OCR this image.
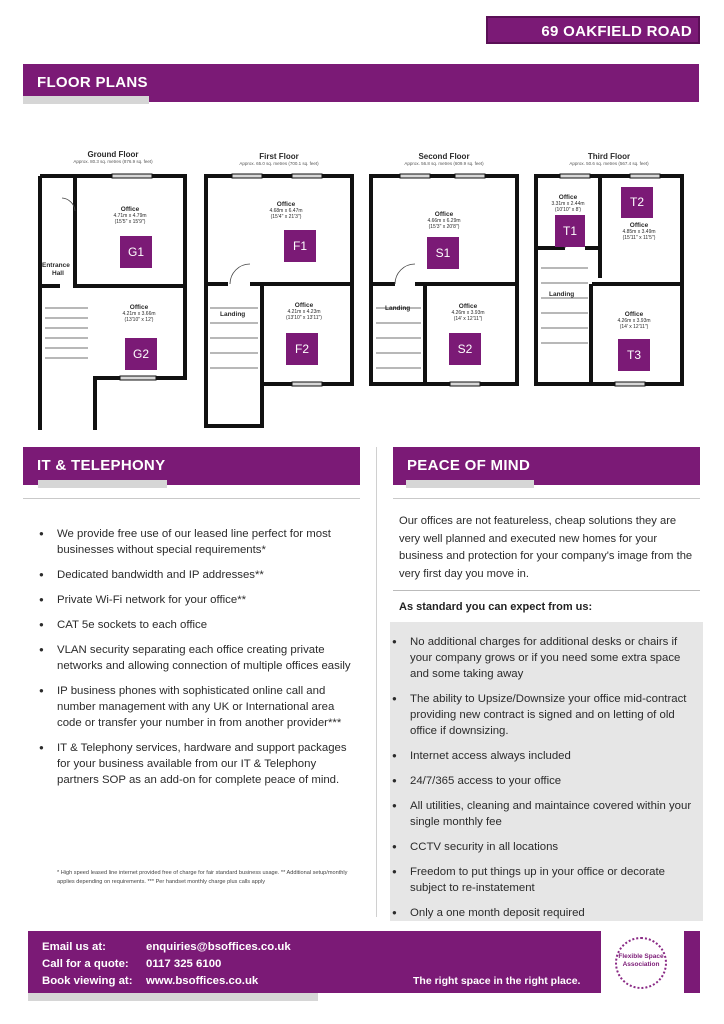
69 OAKFIELD ROAD
FLOOR PLANS
Ground Floor
Approx. 80.3 sq. metres (876.9 sq. feet)
First Floor
Approx. 65.0 sq. metres (700.1 sq. feet)
Second Floor
Approx. 56.8 sq. metres (609.9 sq. feet)
Third Floor
Approx. 50.6 sq. metres (567.4 sq. feet)
Office
4.71m x 4.79m
(15'5" x 15'9")
G1
Office
4.21m x 3.66m
(13'10" x 12')
G2
Entrance
Hall
Office
4.68m x 6.47m
(15'4" x 21'3")
F1
Office
4.21m x 4.23m
(13'10" x 13'11")
F2
Landing
Office
4.66m x 6.29m
(15'3" x 20'8")
S1
Office
4.26m x 3.93m
(14' x 12'11")
S2
Landing
Office
3.31m x 2.44m
(10'10" x 8')
T1	Office
4.85m x 3.49m
(15'11" x 11'5")
T2
Office
4.26m x 3.93m
(14' x 12'11")
T3
Landing
IT & TELEPHONY
● We provide free use of our leased line perfect for most businesses without special requirements*
● Dedicated bandwidth and IP addresses**
● Private Wi-Fi network for your office**
● CAT 5e sockets to each office
● VLAN security separating each office creating private networks and allowing connection of multiple offices easily
● IP business phones with sophisticated online call and number management with any UK or International area code or transfer your number in from another provider***
● IT & Telephony services, hardware and support packages for your business available from our IT & Telephony partners SOP as an add-on for complete peace of mind.
* High speed leased line internet provided free of charge for fair standard business usage. ** Additional setup/monthly applies depending on requirements. *** Per handset monthly charge plus calls apply
PEACE OF MIND
Our offices are not featureless, cheap solutions they are very well planned and executed new homes for your business and protection for your company's image from the very first day you move in.
As standard you can expect from us:
● No additional charges for additional desks or chairs if your company grows or if you need some extra space and some taking away
● The ability to Upsize/Downsize your office mid-contract providing new contract is signed and on letting of old office if downsizing.
● Internet access always included
● 24/7/365 access to your office
● All utilities, cleaning and maintaince covered within your single monthly fee
● CCTV security in all locations
● Freedom to put things up in your office or decorate subject to re-instatement
● Only a one month deposit required
Email us at:	enquiries@bsoffices.co.uk
Call for a quote:	0117 325 6100
Book viewing at:	www.bsoffices.co.uk	The right space in the right place.
Flexible Space
Association
